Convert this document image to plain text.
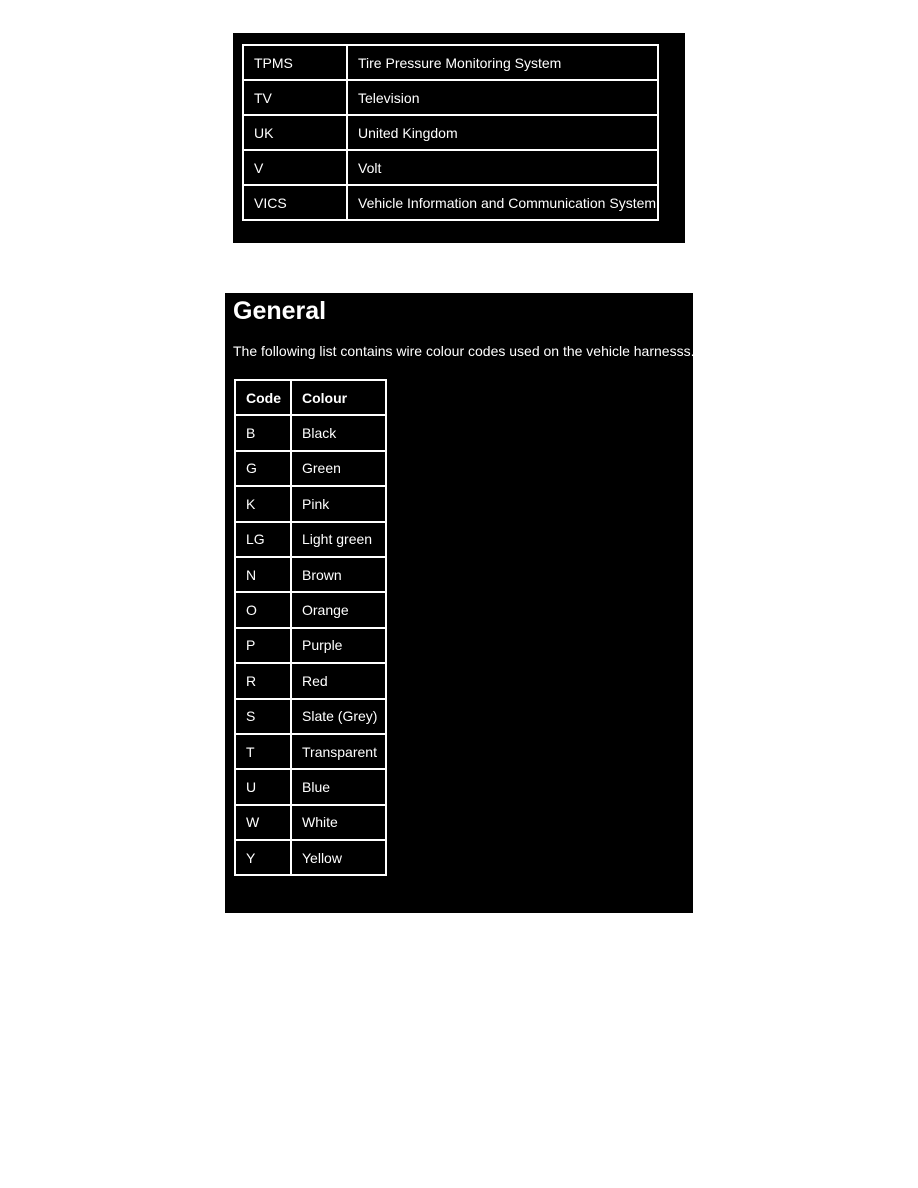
TPMS	Tire Pressure Monitoring System
TV	Television
UK	United Kingdom
V	Volt
VICS	Vehicle Information and Communication System
General

The following list contains wire colour codes used on the vehicle harnesss.

Code	Colour
B	Black
G	Green
K	Pink
LG	Light green
N	Brown
O	Orange
P	Purple
R	Red
S	Slate (Grey)
T	Transparent
U	Blue
W	White
Y	Yellow
